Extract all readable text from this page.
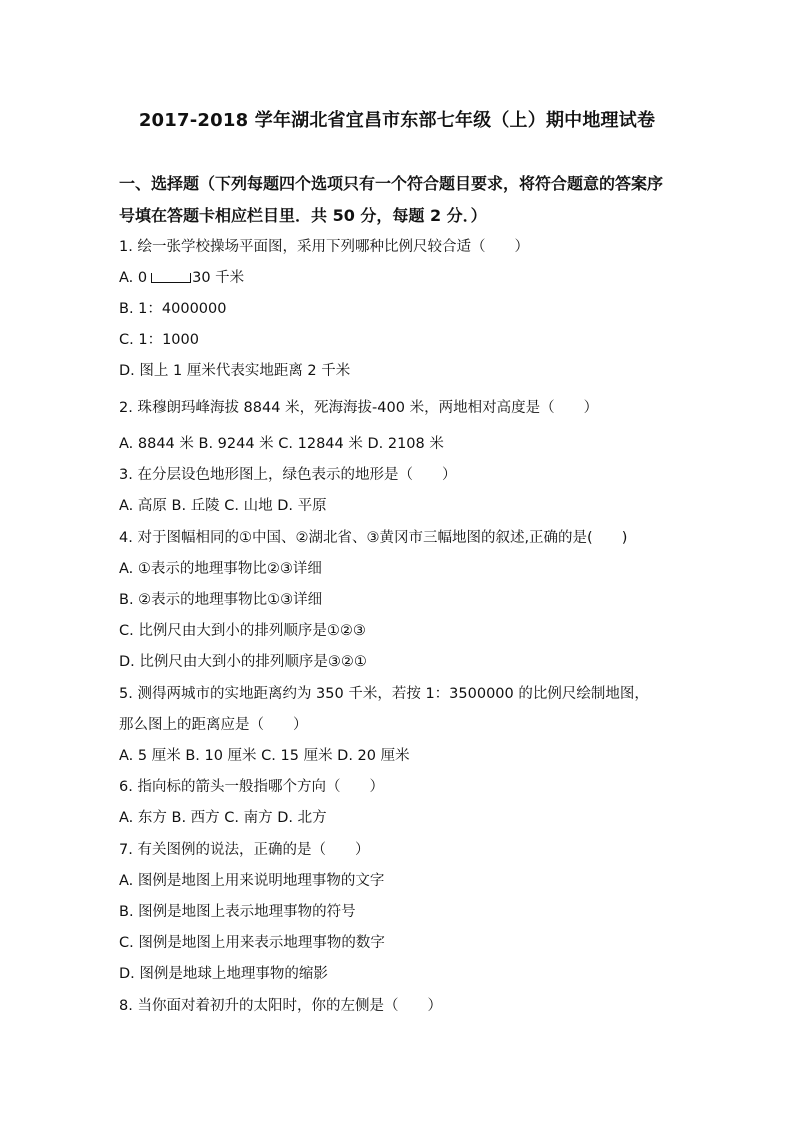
2017-2018 学年湖北省宜昌市东部七年级（上）期中地理试卷
一、选择题（下列每题四个选项只有一个符合题目要求，将符合题意的答案序
号填在答题卡相应栏目里．共 50 分，每题 2 分．）
1. 绘一张学校操场平面图，采用下列哪种比例尺较合适（　　）
A. 0	30 千米
B. 1：4000000
C. 1：1000
D. 图上 1 厘米代表实地距离 2 千米
2. 珠穆朗玛峰海拔 8844 米，死海海拔-400 米，两地相对高度是（　　）
A. 8844 米 B. 9244 米 C. 12844 米 D. 2108 米
3. 在分层设色地形图上，绿色表示的地形是（　　）
A. 高原 B. 丘陵 C. 山地 D. 平原
4. 对于图幅相同的①中国、②湖北省、③黄冈市三幅地图的叙述,正确的是(　　)
A. ①表示的地理事物比②③详细
B. ②表示的地理事物比①③详细
C. 比例尺由大到小的排列顺序是①②③
D. 比例尺由大到小的排列顺序是③②①
5. 测得两城市的实地距离约为 350 千米，若按 1：3500000 的比例尺绘制地图，
那么图上的距离应是（　　）
A. 5 厘米 B. 10 厘米 C. 15 厘米 D. 20 厘米
6. 指向标的箭头一般指哪个方向（　　）
A. 东方 B. 西方 C. 南方 D. 北方
7. 有关图例的说法，正确的是（　　）
A. 图例是地图上用来说明地理事物的文字
B. 图例是地图上表示地理事物的符号
C. 图例是地图上用来表示地理事物的数字
D. 图例是地球上地理事物的缩影
8. 当你面对着初升的太阳时，你的左侧是（　　）
